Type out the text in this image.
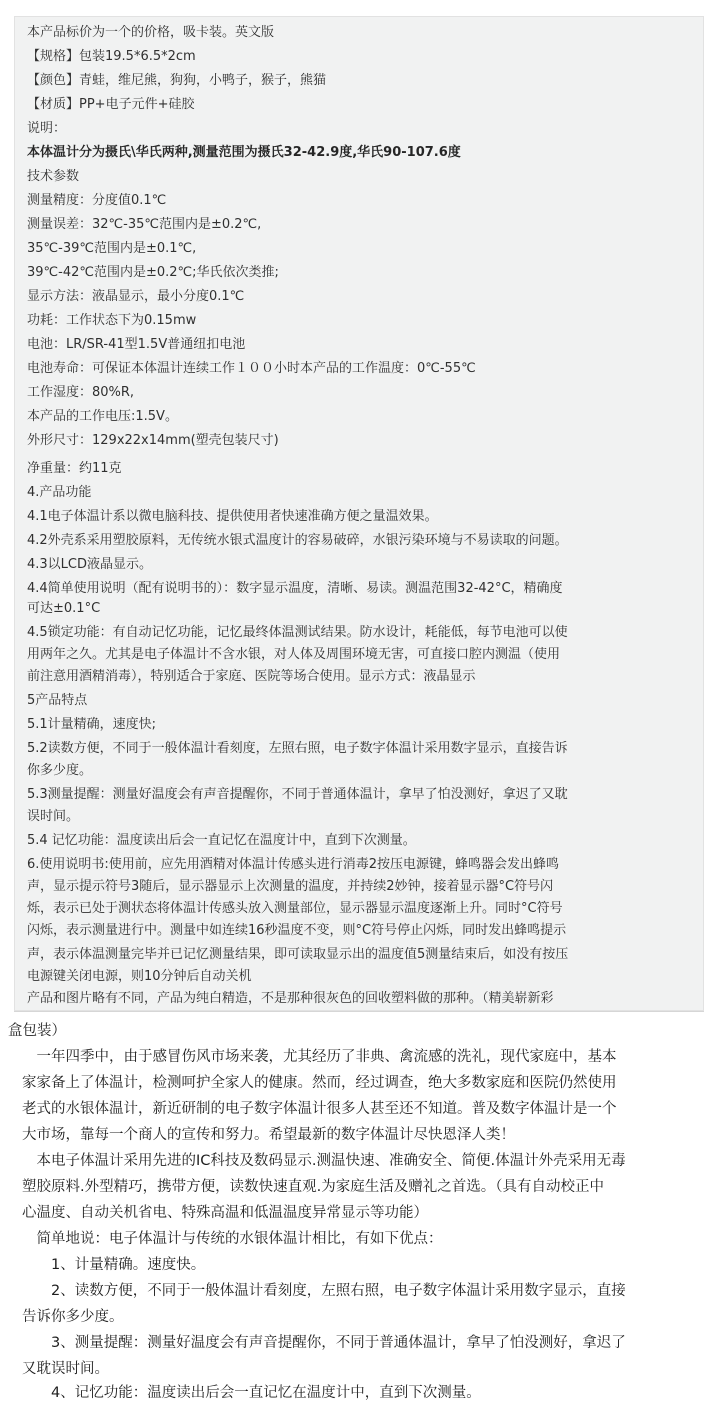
本产品标价为一个的价格，吸卡装。英文版
【规格】包装19.5*6.5*2cm
【颜色】青蛙，维尼熊，狗狗，小鸭子，猴子，熊猫
【材质】PP+电子元件+硅胶
说明：
本体温计分为摄氏\华氏两种,测量范围为摄氏32-42.9度,华氏90-107.6度
技术参数
测量精度：分度值0.1℃
测量误差：32℃-35℃范围内是±0.2℃,
35℃-39℃范围内是±0.1℃,
39℃-42℃范围内是±0.2℃;华氏依次类推;
显示方法：液晶显示，最小分度0.1℃
功耗：工作状态下为0.15mw
电池：LR/SR-41型1.5V普通纽扣电池
电池寿命：可保证本体温计连续工作１００小时本产品的工作温度：0℃-55℃
工作湿度：80%R,
本产品的工作电压:1.5V。
外形尺寸：129x22x14mm(塑壳包装尺寸)
净重量：约11克
4.产品功能
4.1电子体温计系以微电脑科技、提供使用者快速准确方便之量温效果。
4.2外壳系采用塑胶原料，无传统水银式温度计的容易破碎，水银污染环境与不易读取的问题。
4.3以LCD液晶显示。
4.4简单使用说明（配有说明书的）：数字显示温度，清晰、易读。测温范围32-42°C，精确度
可达±0.1°C
4.5锁定功能：有自动记忆功能，记忆最终体温测试结果。防水设计，耗能低，每节电池可以使
用两年之久。尤其是电子体温计不含水银，对人体及周围环境无害，可直接口腔内测温（使用
前注意用酒精消毒），特别适合于家庭、医院等场合使用。显示方式：液晶显示
5产品特点
5.1计量精确，速度快;
5.2读数方便，不同于一般体温计看刻度，左照右照，电子数字体温计采用数字显示，直接告诉
你多少度。
5.3测量提醒：测量好温度会有声音提醒你，不同于普通体温计，拿早了怕没测好，拿迟了又耽
误时间。
5.4 记忆功能：温度读出后会一直记忆在温度计中，直到下次测量。
6.使用说明书:使用前，应先用酒精对体温计传感头进行消毒2按压电源键，蜂鸣器会发出蜂鸣
声，显示提示符号3随后，显示器显示上次测量的温度，并持续2妙钟，接着显示器°C符号闪
烁，表示已处于测状态将体温计传感头放入测量部位，显示器显示温度逐渐上升。同时°C符号
闪烁，表示测量进行中。测量中如连续16秒温度不变，则°C符号停止闪烁，同时发出蜂鸣提示
声，表示体温测量完毕并已记忆测量结果，即可读取显示出的温度值5测量结束后，如没有按压
电源键关闭电源，则10分钟后自动关机
产品和图片略有不同，产品为纯白精造，不是那种很灰色的回收塑料做的那种。（精美崭新彩
盒包装）
　一年四季中，由于感冒伤风市场来袭，尤其经历了非典、禽流感的洗礼，现代家庭中，基本
家家备上了体温计，检测呵护全家人的健康。然而，经过调查，绝大多数家庭和医院仍然使用
老式的水银体温计，新近研制的电子数字体温计很多人甚至还不知道。普及数字体温计是一个
大市场，靠每一个商人的宣传和努力。希望最新的数字体温计尽快恩泽人类！
　本电子体温计采用先进的IC科技及数码显示.测温快速、准确安全、简便.体温计外壳采用无毒
塑胶原料.外型精巧，携带方便，读数快速直观.为家庭生活及赠礼之首选。（具有自动校正中
心温度、自动关机省电、特殊高温和低温温度异常显示等功能）
　简单地说：电子体温计与传统的水银体温计相比，有如下优点：
　　1、计量精确。速度快。
　　2、读数方便，不同于一般体温计看刻度，左照右照，电子数字体温计采用数字显示，直接
告诉你多少度。
　　3、测量提醒：测量好温度会有声音提醒你，不同于普通体温计，拿早了怕没测好，拿迟了
又耽误时间。
　　4、记忆功能：温度读出后会一直记忆在温度计中，直到下次测量。
